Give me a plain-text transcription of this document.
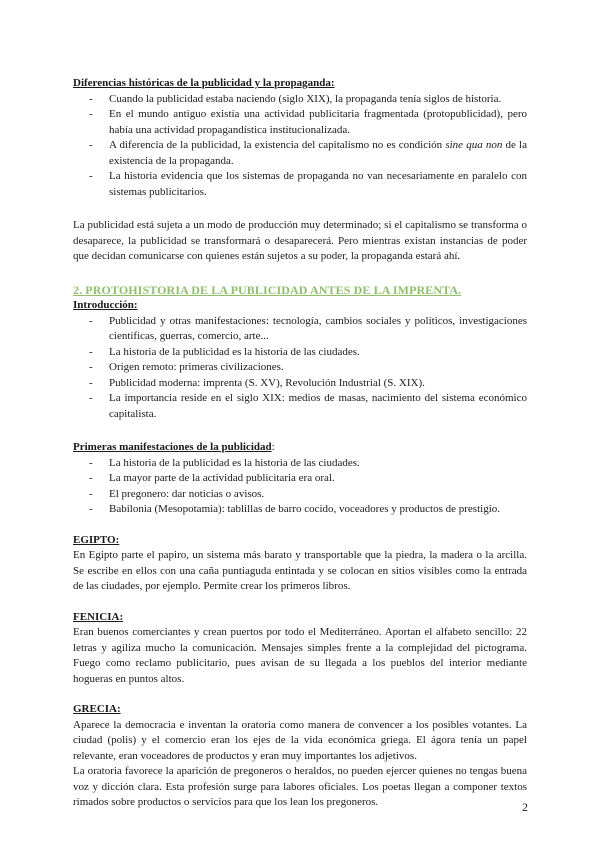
Diferencias históricas de la publicidad y la propaganda:

- Cuando la publicidad estaba naciendo (siglo XIX), la propaganda tenía siglos de historia.
- En el mundo antiguo existía una actividad publicitaria fragmentada (protopublicidad), pero había una actividad propagandística institucionalizada.
- A diferencia de la publicidad, la existencia del capitalismo no es condición sine qua non de la existencia de la propaganda.
- La historia evidencia que los sistemas de propaganda no van necesariamente en paralelo con sistemas publicitarios.

La publicidad está sujeta a un modo de producción muy determinado; si el capitalismo se transforma o desaparece, la publicidad se transformará o desaparecerá. Pero mientras existan instancias de poder que decidan comunicarse con quienes están sujetos a su poder, la propaganda estará ahí.

2. PROTOHISTORIA DE LA PUBLICIDAD ANTES DE LA IMPRENTA.

Introducción:

- Publicidad y otras manifestaciones: tecnología, cambios sociales y políticos, investigaciones científicas, guerras, comercio, arte...
- La historia de la publicidad es la historia de las ciudades.
- Origen remoto: primeras civilizaciones.
- Publicidad moderna: imprenta (S. XV), Revolución Industrial (S. XIX).
- La importancia reside en el siglo XIX: medios de masas, nacimiento del sistema económico capitalista.

Primeras manifestaciones de la publicidad:

- La historia de la publicidad es la historia de las ciudades.
- La mayor parte de la actividad publicitaria era oral.
- El pregonero: dar noticias o avisos.
- Babilonia (Mesopotamia): tablillas de barro cocido, voceadores y productos de prestigio.

EGIPTO:

En Egipto parte el papiro, un sistema más barato y transportable que la piedra, la madera o la arcilla. Se escribe en ellos con una caña puntiaguda entintada y se colocan en sitios visibles como la entrada de las ciudades, por ejemplo. Permite crear los primeros libros.

FENICIA:

Eran buenos comerciantes y crean puertos por todo el Mediterráneo. Aportan el alfabeto sencillo: 22 letras y agiliza mucho la comunicación. Mensajes simples frente a la complejidad del pictograma. Fuego como reclamo publicitario, pues avisan de su llegada a los pueblos del interior mediante hogueras en puntos altos.

GRECIA:

Aparece la democracia e inventan la oratoria como manera de convencer a los posibles votantes. La ciudad (polis) y el comercio eran los ejes de la vida económica griega. El ágora tenía un papel relevante, eran voceadores de productos y eran muy importantes los adjetivos.

La oratoria favorece la aparición de pregoneros o heraldos, no pueden ejercer quienes no tengas buena voz y dicción clara. Esta profesión surge para labores oficiales. Los poetas llegan a componer textos rimados sobre productos o servicios para que los lean los pregoneros.	2
